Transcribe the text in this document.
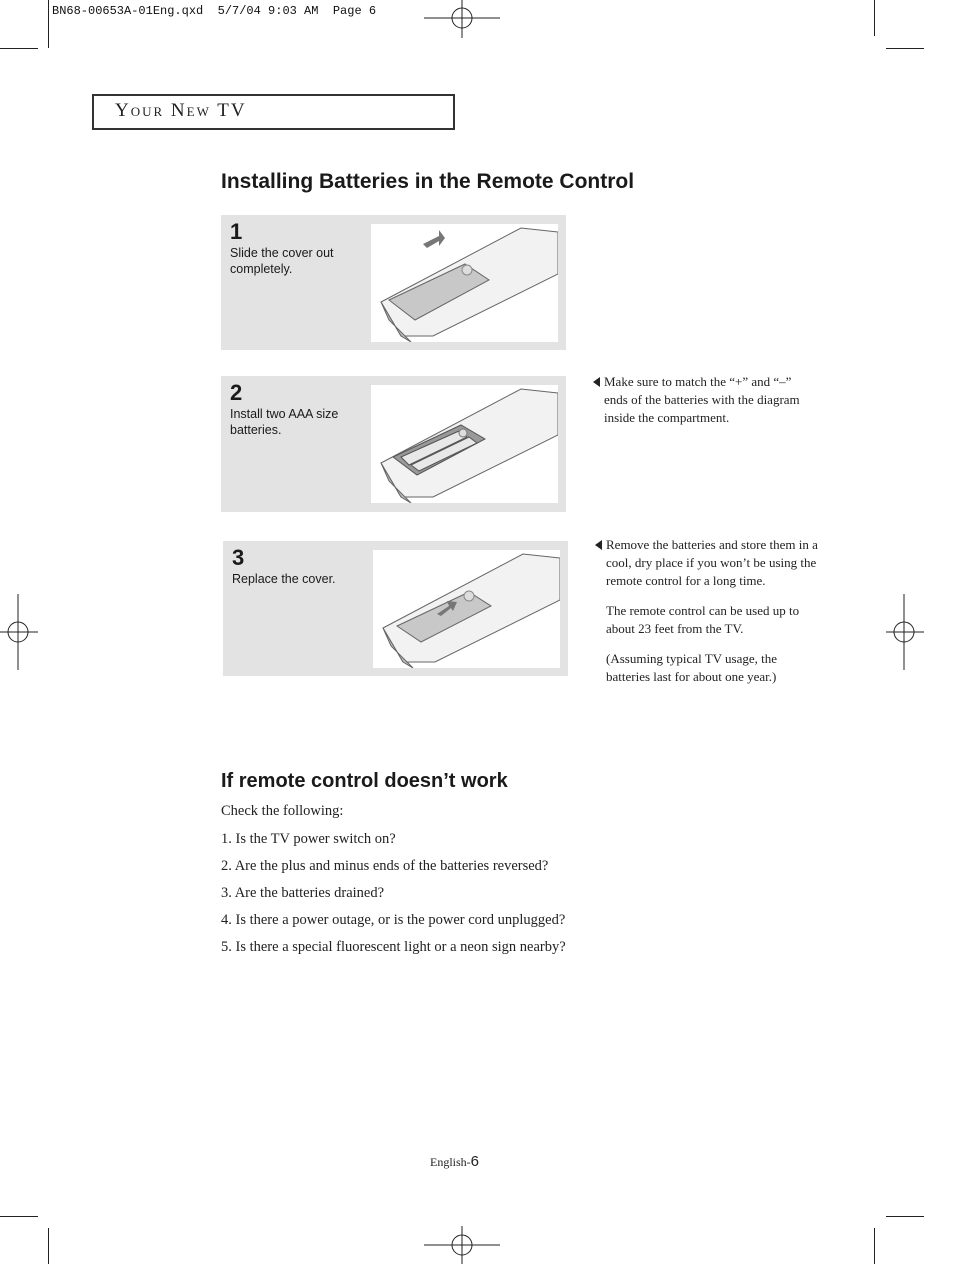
BN68-00653A-01Eng.qxd  5/7/04 9:03 AM  Page 6
Your New TV
Installing Batteries in the Remote Control
1
Slide the cover out completely.
2
Install two AAA size batteries.
3
Replace the cover.

Make sure to match the “+” and “–” ends of the batteries with the diagram inside the compartment.

Remove the batteries and store them in a cool, dry place if you won’t be using the remote control for a long time.

The remote control can be used up to about 23 feet from the TV.

(Assuming typical TV usage, the batteries last for about one year.)

If remote control doesn’t work
Check the following:
1. Is the TV power switch on?
2. Are the plus and minus ends of the batteries reversed?
3. Are the batteries drained?
4. Is there a power outage, or is the power cord unplugged?
5. Is there a special fluorescent light or a neon sign nearby?
English-6
